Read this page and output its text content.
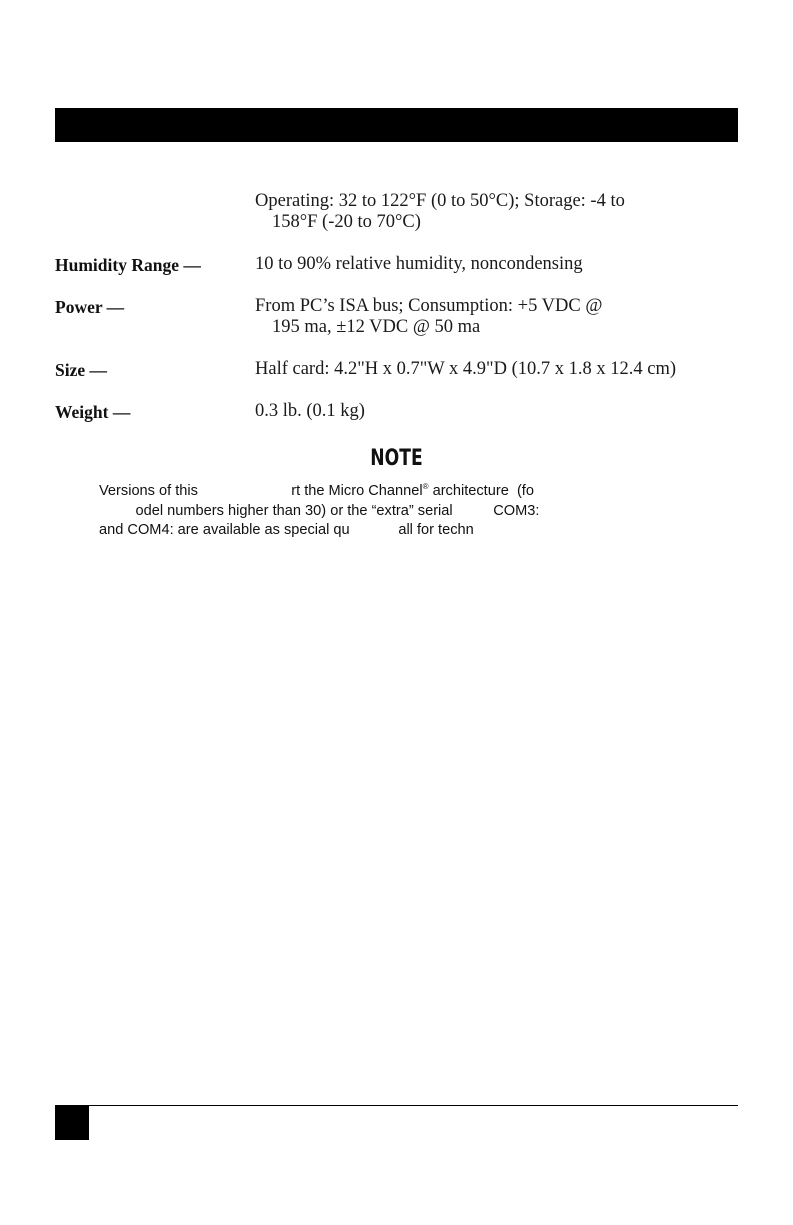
Operating: 32 to 122°F (0 to 50°C); Storage: -4 to
158°F (-20 to 70°C)
Humidity Range —	10 to 90% relative humidity, noncondensing
Power —	From PC’s ISA bus; Consumption: +5 VDC @
195 ma, ±12 VDC @ 50 ma
Size —	Half card: 4.2"H x 0.7"W x 4.9"D (10.7 x 1.8 x 12.4 cm)
Weight —	0.3 lb. (0.1 kg)
NOTE
Versions of this                       rt the Micro Channel® architecture  (fo
odel numbers higher than 30) or the “extra” serial          COM3:
and COM4: are available as special qu            all for techn
